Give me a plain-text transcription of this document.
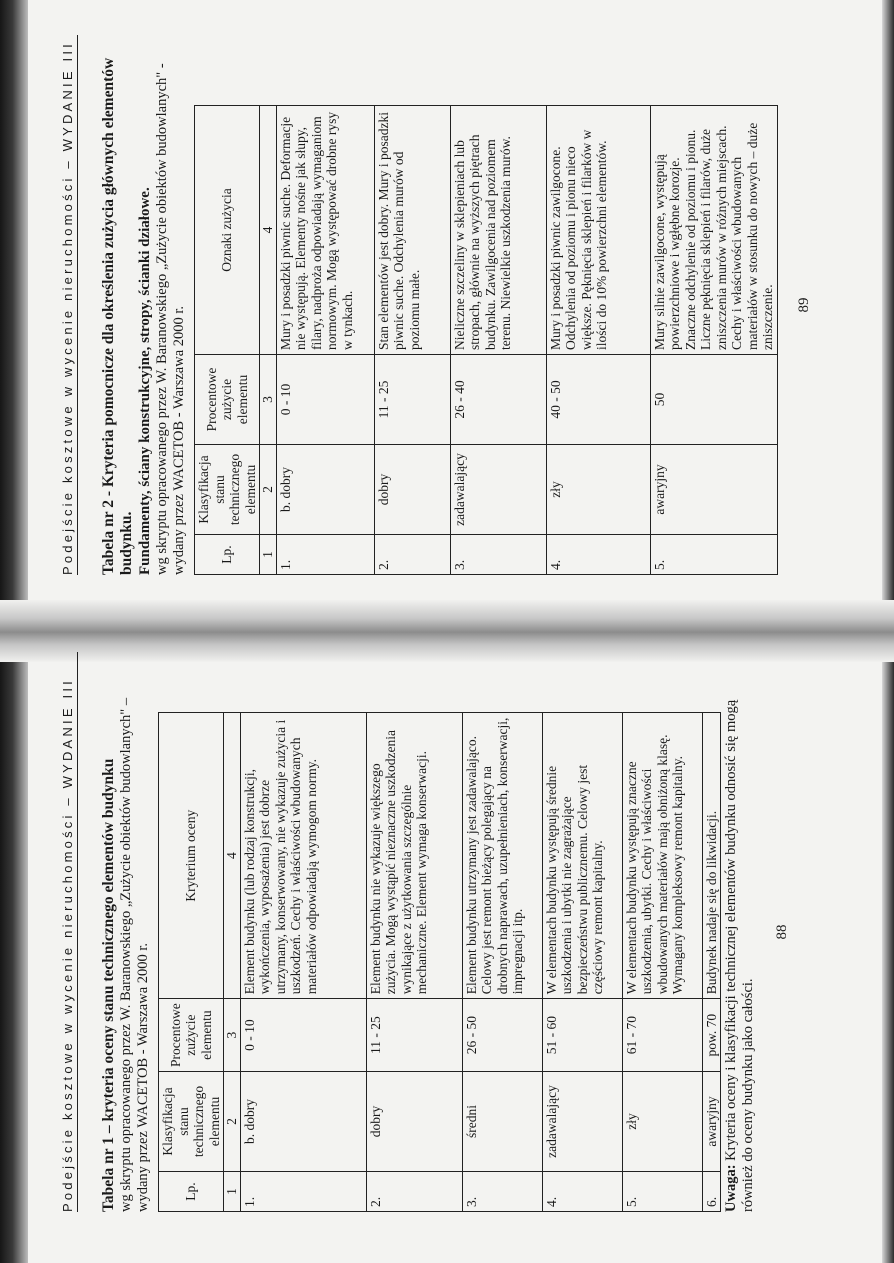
Podejście kosztowe w wycenie nieruchomości – WYDANIE III Tabela nr 2 - Kryteria pomocnicze dla określenia zużycia głównych elementów budynku. Fundamenty, ściany konstrukcyjne, stropy, ścianki działowe. wg skryptu opracowanego przez W. Baranowskiego „Zużycie obiektów budowlanych" - wydany przez WACETOB - Warszawa 2000 r. Lp.	Klasyfikacja stanu technicznego elementu	Procentowe zużycie elementu	Oznaki zużycia
1	2	3	4
1.	b. dobry	0 - 10	Mury i posadzki piwnic suche. Deformacje nie występują. Elementy nośne jak słupy, filary, nadproża odpowiadają wymaganiom normowym. Mogą występować drobne rysy w tynkach.
2.	dobry	11 - 25	Stan elementów jest dobry. Mury i posadzki piwnic suche. Odchylenia murów od poziomu małe.
3.	zadawalający	26 - 40	Nieliczne szczeliny w sklepieniach lub stropach, głównie na wyższych piętrach budynku. Zawilgocenia nad poziomem terenu. Niewielkie uszkodzenia murów.
4.	zły	40 - 50	Mury i posadzki piwnic zawilgocone. Odchylenia od poziomu i pionu nieco większe. Pęknięcia sklepień i filarków w ilości do 10% powierzchni elementów.
5.	awaryjny	50	Mury silnie zawilgocone, występują powierzchniowe i wgłębne korozje. Znaczne odchylenie od poziomu i pionu. Liczne pęknięcia sklepień i filarów, duże zniszczenia murów w różnych miejscach. Cechy i właściwości wbudowanych materiałów w stosunku do nowych – duże zniszczenie. 89
Podejście kosztowe w wycenie nieruchomości – WYDANIE III Tabela nr 1 – kryteria oceny stanu technicznego elementów budynku wg skryptu opracowanego przez W. Baranowskiego „Zużycie obiektów budowlanych" – wydany przez WACETOB - Warszawa 2000 r. Lp.	Klasyfikacja stanu technicznego elementu	Procentowe zużycie elementu	Kryterium oceny
1	2	3	4
1.	b. dobry	0 - 10	Element budynku (lub rodzaj konstrukcji, wykończenia, wyposażenia) jest dobrze utrzymany, konserwowany, nie wykazuje zużycia i uszkodzeń. Cechy i właściwości wbudowanych materiałów odpowiadają wymogom normy.
2.	dobry	11 - 25	Element budynku nie wykazuje większego zużycia. Mogą wystąpić nieznaczne uszkodzenia wynikające z użytkowania szczególnie mechaniczne. Element wymaga konserwacji.
3.	średni	26 - 50	Element budynku utrzymany jest zadawalająco. Celowy jest remont bieżący polegający na drobnych naprawach, uzupełnieniach, konserwacji, impregnacji itp.
4.	zadawalający	51 - 60	W elementach budynku występują średnie uszkodzenia i ubytki nie zagrażające bezpieczeństwu publicznemu. Celowy jest częściowy remont kapitalny.
5.	zły	61 - 70	W elementach budynku występują znaczne uszkodzenia, ubytki. Cechy i właściwości wbudowanych materiałów mają obniżoną klasę. Wymagany kompleksowy remont kapitalny.
6.	awaryjny	pow. 70	Budynek nadaje się do likwidacji.
Uwaga: Kryteria oceny i klasyfikacji technicznej elementów budynku odnosić się mogą również do oceny budynku jako całości.
88
